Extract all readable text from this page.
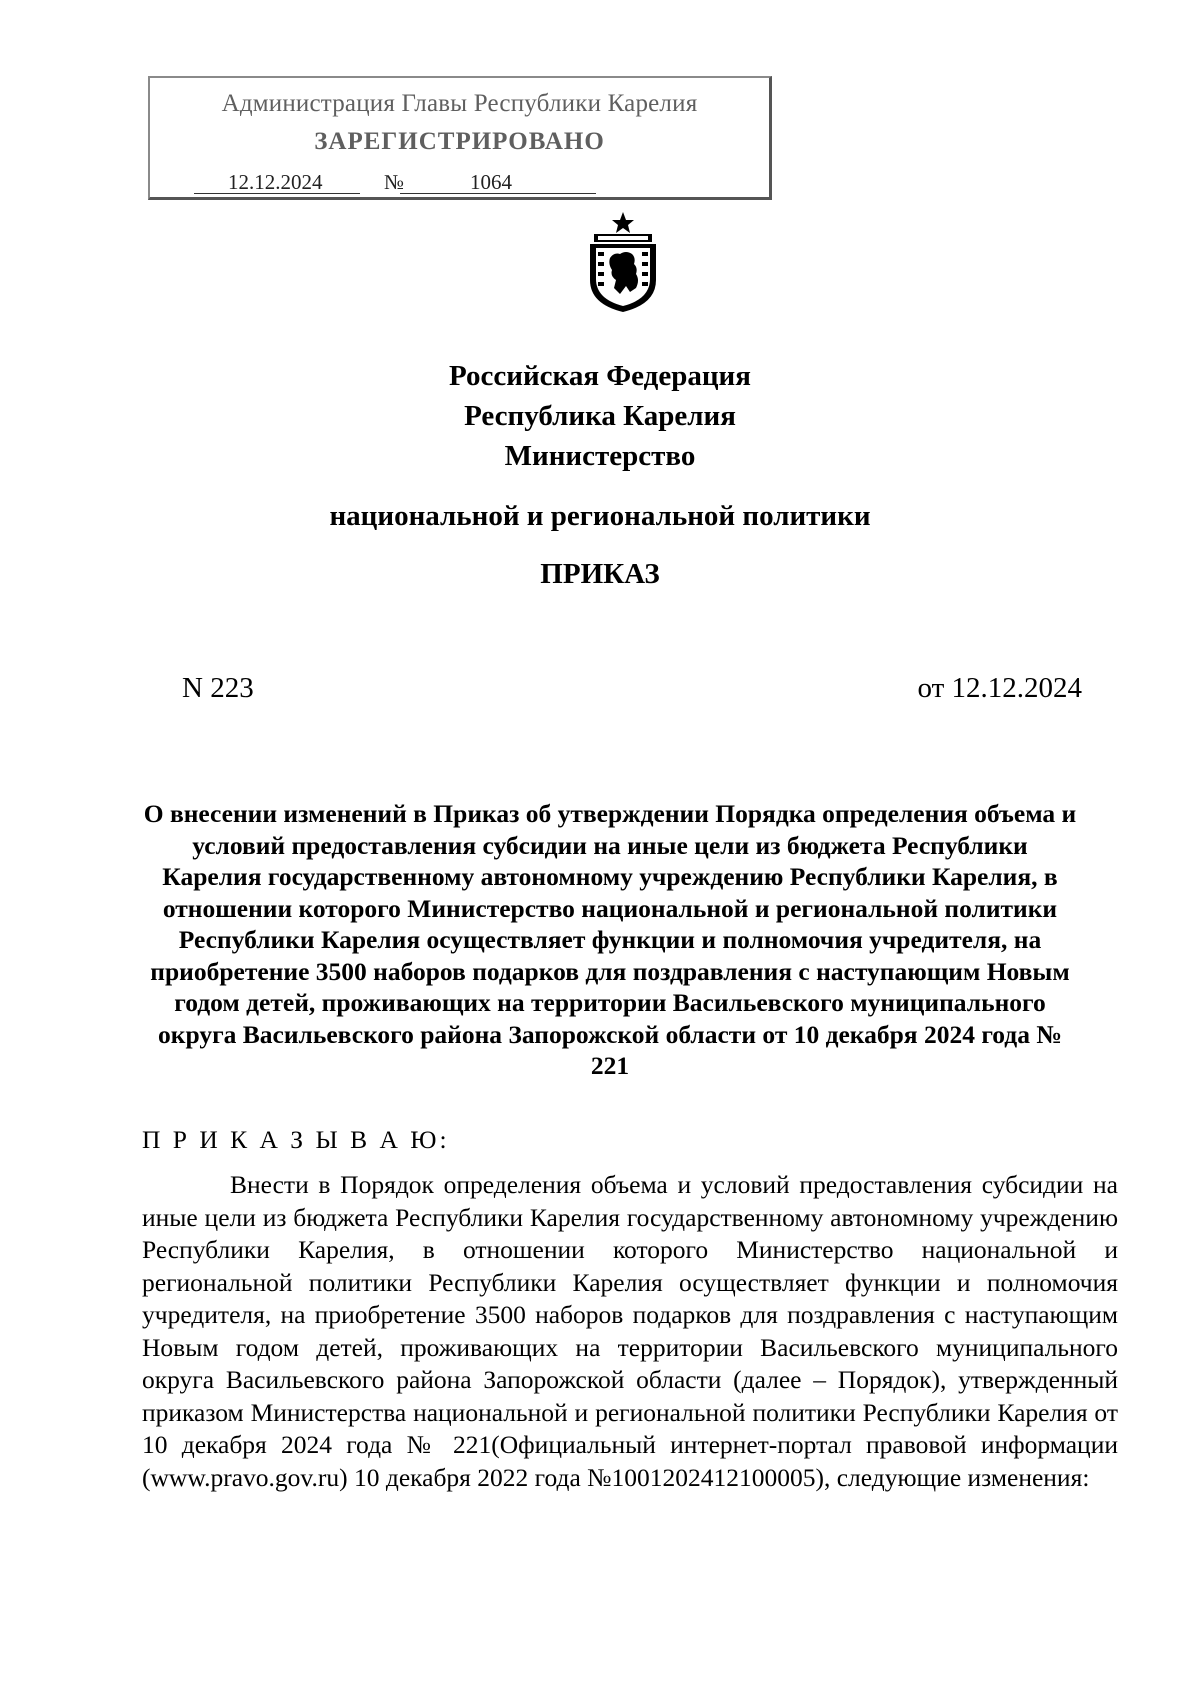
Администрация Главы Республики Карелия
ЗАРЕГИСТРИРОВАНО
12.12.2024	№	1064
Российская Федерация
Республика Карелия
Министерство
национальной и региональной политики
ПРИКАЗ
N 223	от 12.12.2024
О внесении изменений в Приказ об утверждении Порядка определения объема и условий предоставления субсидии на иные цели из бюджета Республики Карелия государственному автономному учреждению Республики Карелия, в отношении которого Министерство национальной и региональной политики Республики Карелия осуществляет функции и полномочия учредителя, на приобретение 3500 наборов подарков для поздравления с наступающим Новым годом детей, проживающих на территории Васильевского муниципального округа Васильевского района Запорожской области от 10 декабря 2024 года № 221
П Р И К А З Ы В А Ю:

Внести в Порядок определения объема и условий предоставления субсидии на иные цели из бюджета Республики Карелия государственному автономному учреждению Республики Карелия, в отношении которого Министерство национальной и региональной политики Республики Карелия осуществляет функции и полномочия учредителя, на приобретение 3500 наборов подарков для поздравления с наступающим Новым годом детей, проживающих на территории Васильевского муниципального округа Васильевского района Запорожской области (далее – Порядок), утвержденный приказом Министерства национальной и региональной политики Республики Карелия от 10 декабря 2024 года № 221(Официальный интернет-портал правовой информации (www.pravo.gov.ru) 10 декабря 2022 года №1001202412100005), следующие изменения:
